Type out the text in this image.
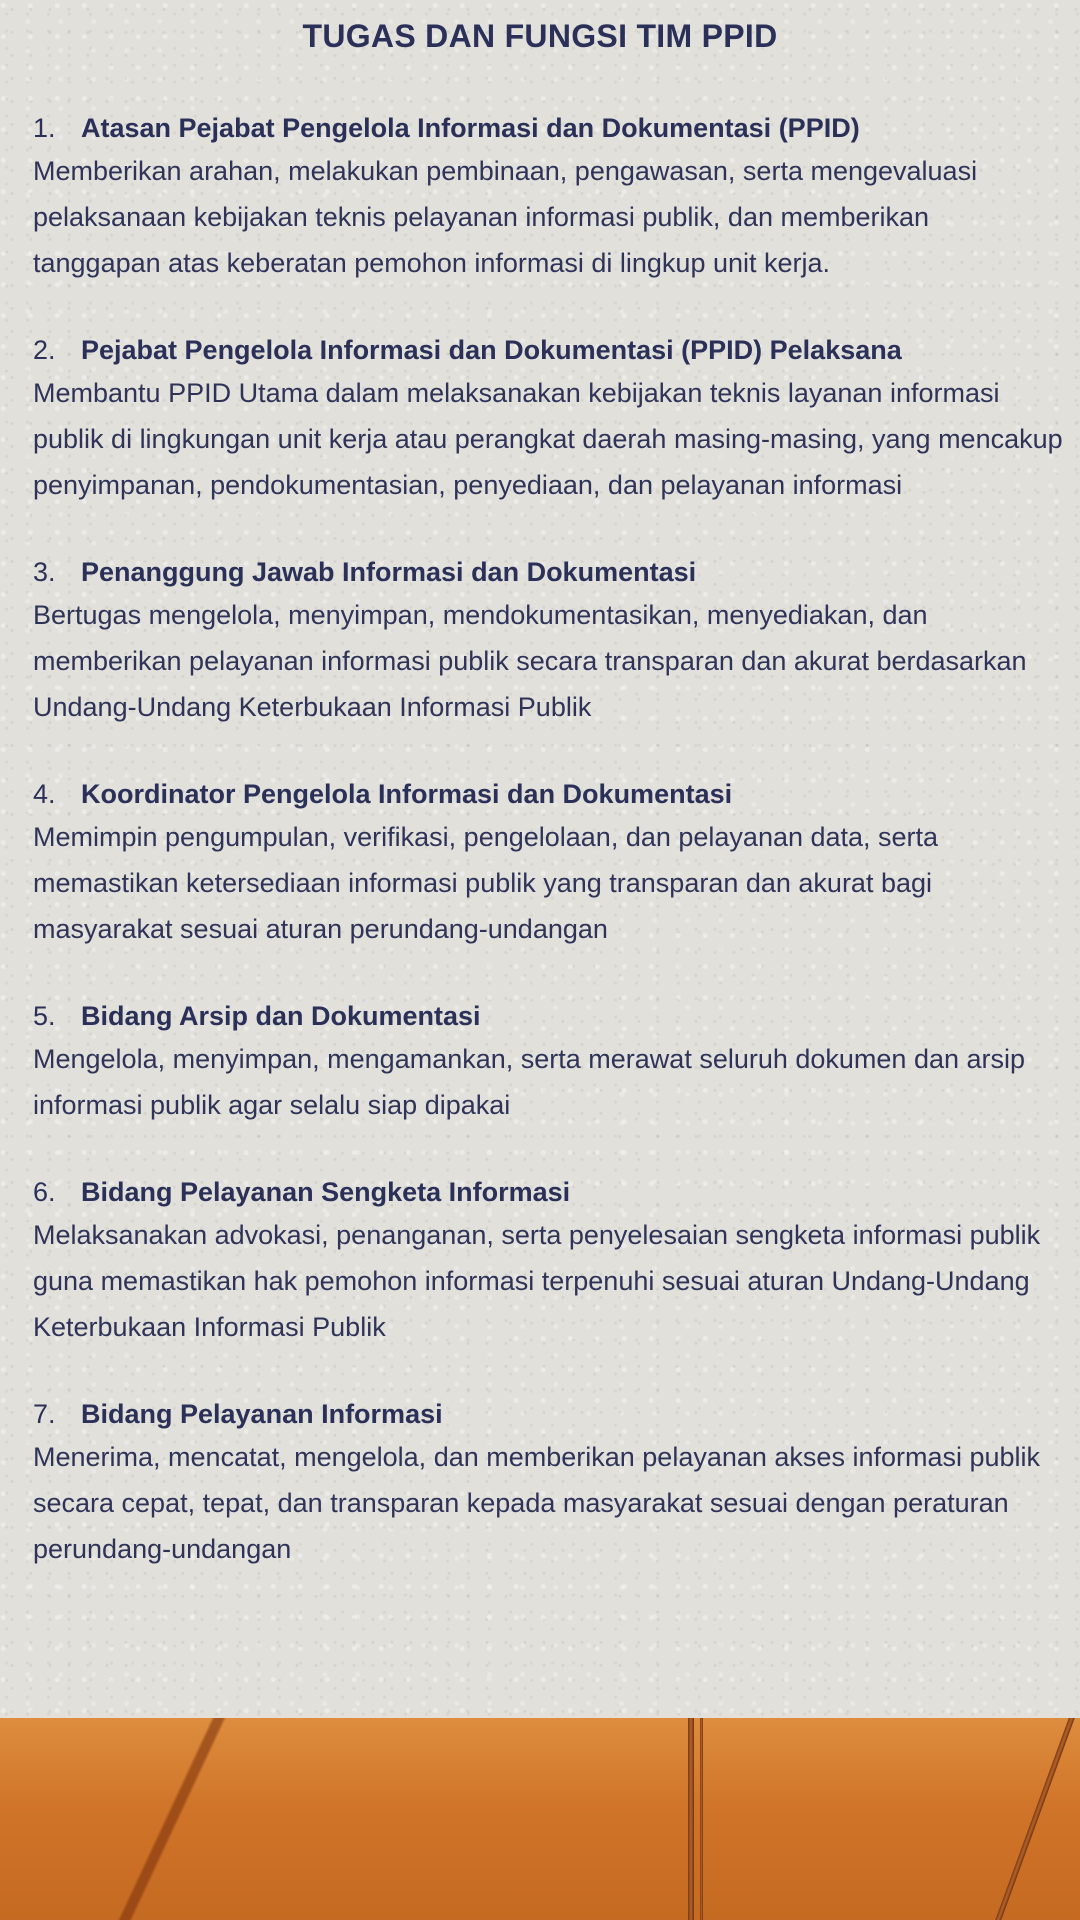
TUGAS DAN FUNGSI TIM PPID
1. Atasan Pejabat Pengelola Informasi dan Dokumentasi (PPID)
Memberikan arahan, melakukan pembinaan, pengawasan, serta mengevaluasi pelaksanaan kebijakan teknis pelayanan informasi publik, dan memberikan tanggapan atas keberatan pemohon informasi di lingkup unit kerja.
2. Pejabat Pengelola Informasi dan Dokumentasi (PPID) Pelaksana
Membantu PPID Utama dalam melaksanakan kebijakan teknis layanan informasi publik di lingkungan unit kerja atau perangkat daerah masing-masing, yang mencakup penyimpanan, pendokumentasian, penyediaan, dan pelayanan informasi
3. Penanggung Jawab Informasi dan Dokumentasi
Bertugas mengelola, menyimpan, mendokumentasikan, menyediakan, dan memberikan pelayanan informasi publik secara transparan dan akurat berdasarkan Undang-Undang Keterbukaan Informasi Publik
4. Koordinator Pengelola Informasi dan Dokumentasi
Memimpin pengumpulan, verifikasi, pengelolaan, dan pelayanan data, serta memastikan ketersediaan informasi publik yang transparan dan akurat bagi masyarakat sesuai aturan perundang-undangan
5. Bidang Arsip dan Dokumentasi
Mengelola, menyimpan, mengamankan, serta merawat seluruh dokumen dan arsip informasi publik agar selalu siap dipakai
6. Bidang Pelayanan Sengketa Informasi
Melaksanakan advokasi, penanganan, serta penyelesaian sengketa informasi publik guna memastikan hak pemohon informasi terpenuhi sesuai aturan Undang-Undang Keterbukaan Informasi Publik
7. Bidang Pelayanan Informasi
Menerima, mencatat, mengelola, dan memberikan pelayanan akses informasi publik secara cepat, tepat, dan transparan kepada masyarakat sesuai dengan peraturan perundang-undangan
